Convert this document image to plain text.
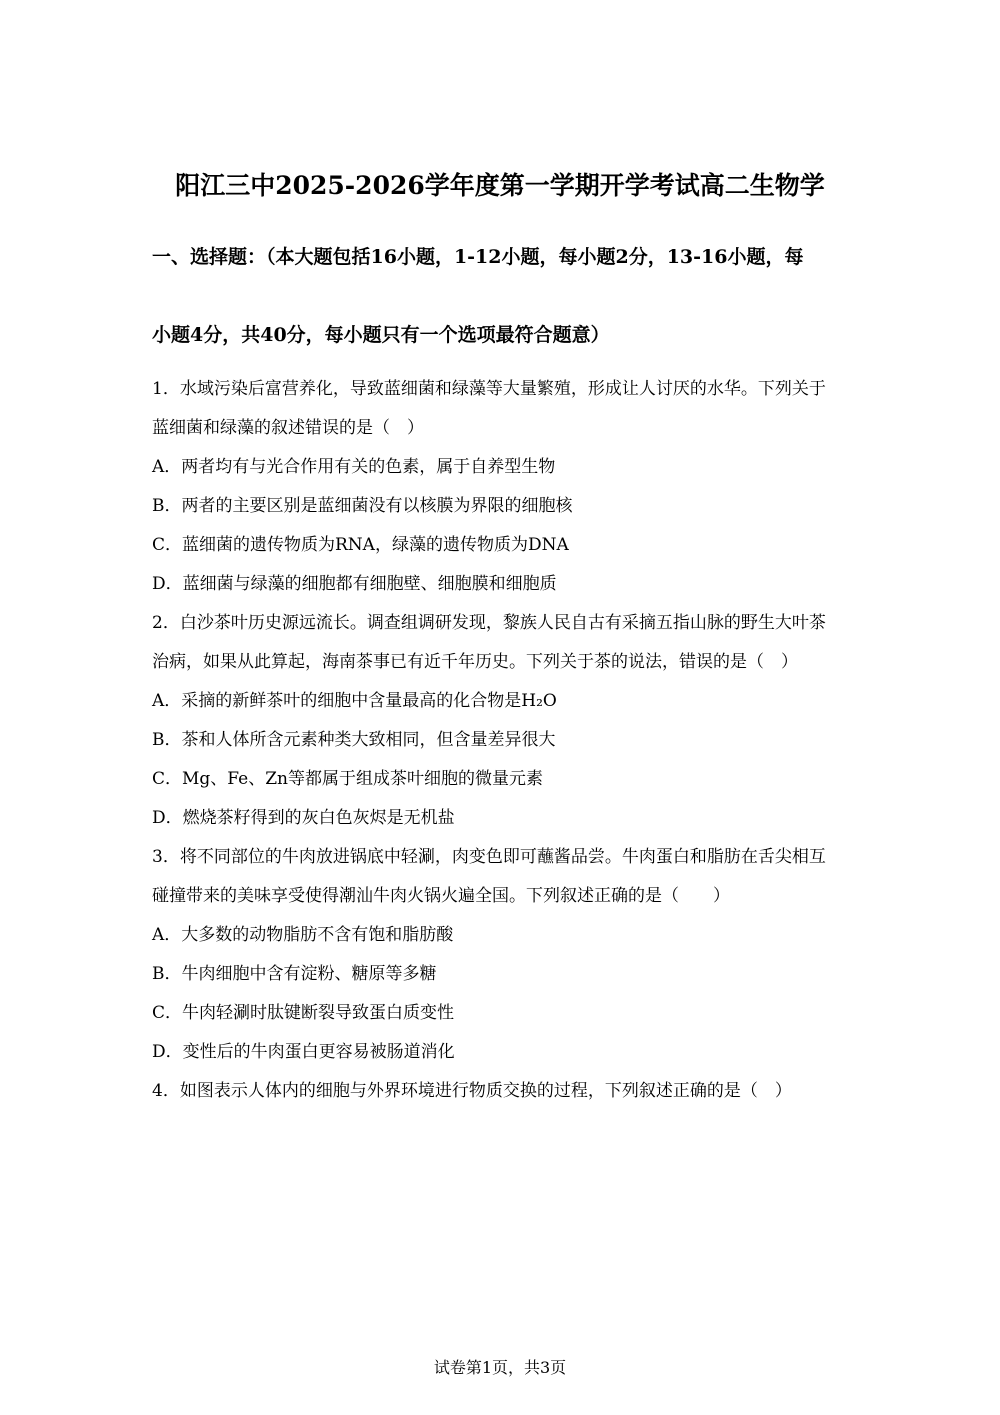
阳江三中2025-2026学年度第一学期开学考试高二生物学
一、选择题：（本大题包括16小题，1-12小题，每小题2分，13-16小题，每
小题4分，共40分，每小题只有一个选项最符合题意）
1．水域污染后富营养化，导致蓝细菌和绿藻等大量繁殖，形成让人讨厌的水华。下列关于
蓝细菌和绿藻的叙述错误的是（　）
A．两者均有与光合作用有关的色素，属于自养型生物
B．两者的主要区别是蓝细菌没有以核膜为界限的细胞核
C．蓝细菌的遗传物质为RNA，绿藻的遗传物质为DNA
D．蓝细菌与绿藻的细胞都有细胞壁、细胞膜和细胞质
2．白沙茶叶历史源远流长。调查组调研发现，黎族人民自古有采摘五指山脉的野生大叶茶
治病，如果从此算起，海南茶事已有近千年历史。下列关于茶的说法，错误的是（　）
A．采摘的新鲜茶叶的细胞中含量最高的化合物是H₂O
B．茶和人体所含元素种类大致相同，但含量差异很大
C．Mg、Fe、Zn等都属于组成茶叶细胞的微量元素
D．燃烧茶籽得到的灰白色灰烬是无机盐
3．将不同部位的牛肉放进锅底中轻涮，肉变色即可蘸酱品尝。牛肉蛋白和脂肪在舌尖相互
碰撞带来的美味享受使得潮汕牛肉火锅火遍全国。下列叙述正确的是（　　）
A．大多数的动物脂肪不含有饱和脂肪酸
B．牛肉细胞中含有淀粉、糖原等多糖
C．牛肉轻涮时肽键断裂导致蛋白质变性
D．变性后的牛肉蛋白更容易被肠道消化
4．如图表示人体内的细胞与外界环境进行物质交换的过程，下列叙述正确的是（　）
试卷第1页，共3页
